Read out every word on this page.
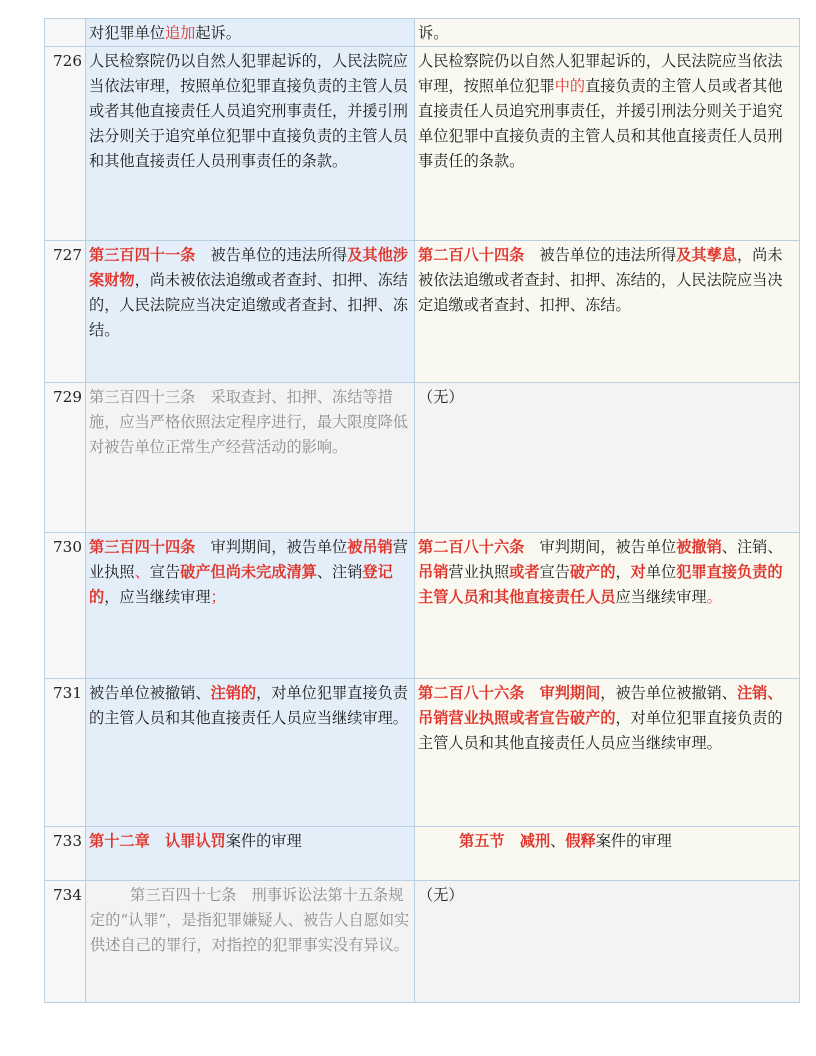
	对犯罪单位追加起诉。	诉。
726	人民检察院仍以自然人犯罪起诉的，人民法院应当依法审理，按照单位犯罪直接负责的主管人员或者其他直接责任人员追究刑事责任，并援引刑法分则关于追究单位犯罪中直接负责的主管人员和其他直接责任人员刑事责任的条款。	人民检察院仍以自然人犯罪起诉的，人民法院应当依法审理，按照单位犯罪中的直接负责的主管人员或者其他直接责任人员追究刑事责任，并援引刑法分则关于追究单位犯罪中直接负责的主管人员和其他直接责任人员刑事责任的条款。
727	第三百四十一条　被告单位的违法所得及其他涉案财物，尚未被依法追缴或者查封、扣押、冻结的，人民法院应当决定追缴或者查封、扣押、冻结。	第二百八十四条　被告单位的违法所得及其孳息，尚未被依法追缴或者查封、扣押、冻结的，人民法院应当决定追缴或者查封、扣押、冻结。
729	第三百四十三条　采取查封、扣押、冻结等措施，应当严格依照法定程序进行，最大限度降低对被告单位正常生产经营活动的影响。	（无）
730	第三百四十四条　审判期间，被告单位被吊销营业执照、宣告破产但尚未完成清算、注销登记的，应当继续审理；	第二百八十六条　审判期间，被告单位被撤销、注销、吊销营业执照或者宣告破产的，对单位犯罪直接负责的主管人员和其他直接责任人员应当继续审理。
731	被告单位被撤销、注销的，对单位犯罪直接负责的主管人员和其他直接责任人员应当继续审理。	第二百八十六条　审判期间，被告单位被撤销、注销、吊销营业执照或者宣告破产的，对单位犯罪直接负责的主管人员和其他直接责任人员应当继续审理。
733	第十二章　认罪认罚案件的审理	第五节　减刑、假释案件的审理
734	第三百四十七条　刑事诉讼法第十五条规定的“认罪”，是指犯罪嫌疑人、被告人自愿如实供述自己的罪行，对指控的犯罪事实没有异议。	（无）
